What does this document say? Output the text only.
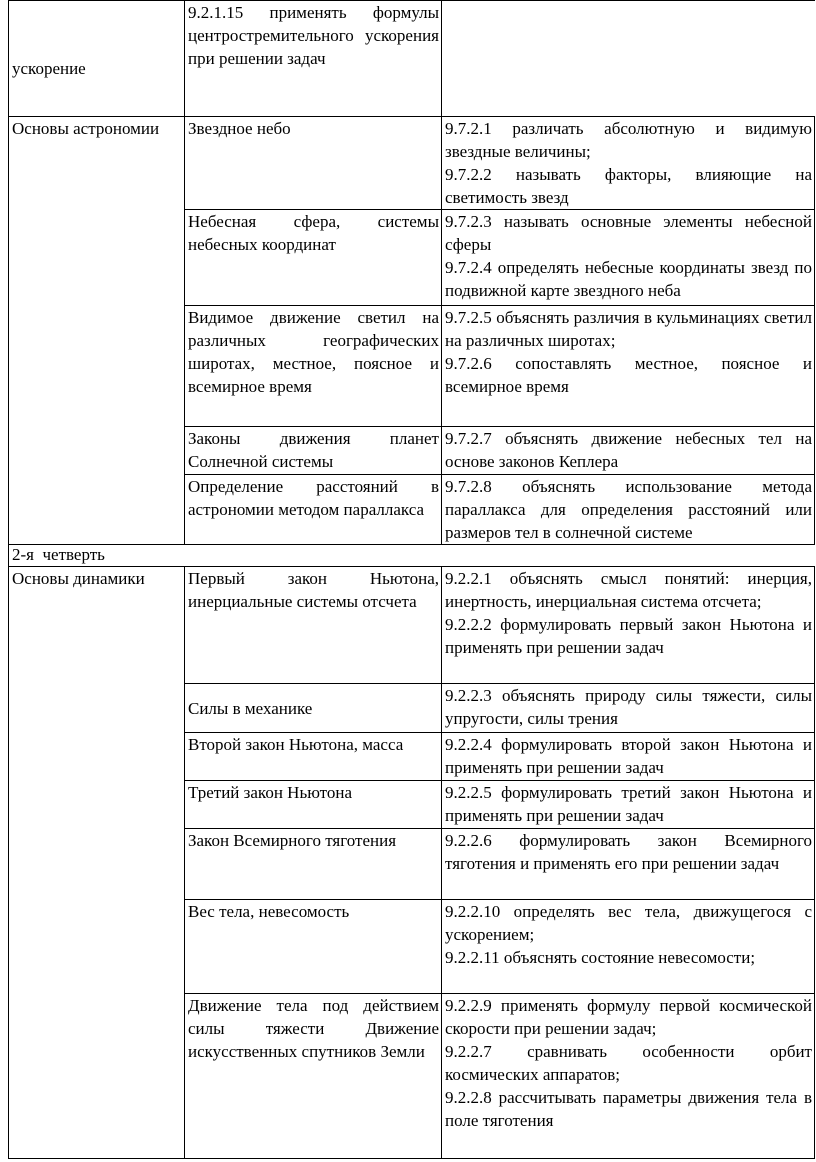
ускорение	9.2.1.15 применять формулы центростремительного ускорения при решении задач	
Основы астрономии	Звездное небо	9.7.2.1 различать абсолютную и видимую звездные величины;

9.7.2.2 называть факторы, влияющие на светимость звезд

	Небесная сфера, системы небесных координат	9.7.2.3 называть основные элементы небесной сферы

9.7.2.4 определять небесные координаты звезд по подвижной карте звездного неба

	Видимое движение светил на различных географических широтах, местное, поясное и всемирное время	9.7.2.5 объяснять различия в кульминациях светил на различных широтах;

9.7.2.6 сопоставлять местное, поясное и всемирное время

	Законы движения планет Солнечной системы	9.7.2.7 объяснять движение небесных тел на основе законов Кеплера

	Определение расстояний в астрономии методом параллакса	9.7.2.8 объяснять использование метода параллакса для определения расстояний или размеров тел в солнечной системе

2-я  четверть		
Основы динамики	Первый закон Ньютона, инерциальные системы отсчета	9.2.2.1 объяснять смысл понятий: инерция, инертность, инерциальная система отсчета;

9.2.2.2 формулировать первый закон Ньютона и применять при решении задач

	Силы в механике	9.2.2.3 объяснять природу силы тяжести, силы упругости, силы трения

	Второй закон Ньютона, масса	9.2.2.4 формулировать второй закон Ньютона и применять при решении задач

	Третий закон Ньютона	9.2.2.5 формулировать третий закон Ньютона и применять при решении задач

	Закон Всемирного тяготения	9.2.2.6 формулировать закон Всемирного тяготения и применять его при решении задач

	Вес тела, невесомость	9.2.2.10 определять вес тела, движущегося с ускорением;

9.2.2.11 объяснять состояние невесомости;

	Движение тела под действием силы тяжести Движение искусственных спутников Земли	9.2.2.9 применять формулу первой космической скорости при решении задач;

9.2.2.7 сравнивать особенности орбит космических аппаратов;

9.2.2.8 рассчитывать параметры движения тела в поле тяготения
